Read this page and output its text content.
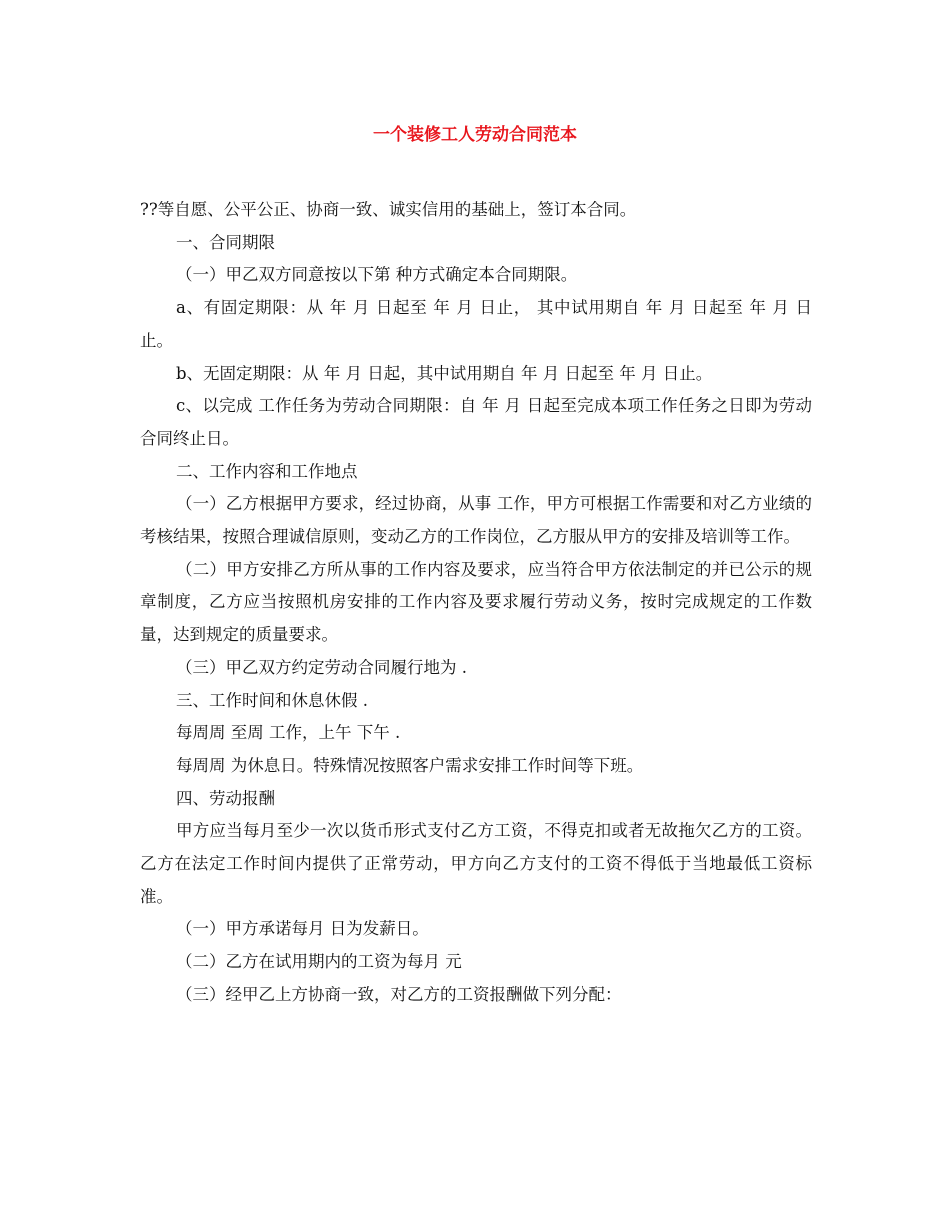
一个装修工人劳动合同范本

??等自愿、公平公正、协商一致、诚实信用的基础上，签订本合同。

一、合同期限

（一）甲乙双方同意按以下第 种方式确定本合同期限。

a、有固定期限：从 年 月 日起至 年 月 日止， 其中试用期自 年 月 日起至 年 月 日止。

b、无固定期限：从 年 月 日起，其中试用期自 年 月 日起至 年 月 日止。

c、以完成 工作任务为劳动合同期限：自 年 月 日起至完成本项工作任务之日即为劳动合同终止日。

二、工作内容和工作地点

（一）乙方根据甲方要求，经过协商，从事 工作，甲方可根据工作需要和对乙方业绩的考核结果，按照合理诚信原则，变动乙方的工作岗位，乙方服从甲方的安排及培训等工作。

（二）甲方安排乙方所从事的工作内容及要求，应当符合甲方依法制定的并已公示的规章制度，乙方应当按照机房安排的工作内容及要求履行劳动义务，按时完成规定的工作数量，达到规定的质量要求。

（三）甲乙双方约定劳动合同履行地为 .

三、工作时间和休息休假 .

每周周 至周 工作，上午 下午 .

每周周 为休息日。特殊情况按照客户需求安排工作时间等下班。

四、劳动报酬

甲方应当每月至少一次以货币形式支付乙方工资，不得克扣或者无故拖欠乙方的工资。乙方在法定工作时间内提供了正常劳动，甲方向乙方支付的工资不得低于当地最低工资标准。

（一）甲方承诺每月 日为发薪日。

（二）乙方在试用期内的工资为每月 元

（三）经甲乙上方协商一致，对乙方的工资报酬做下列分配：
